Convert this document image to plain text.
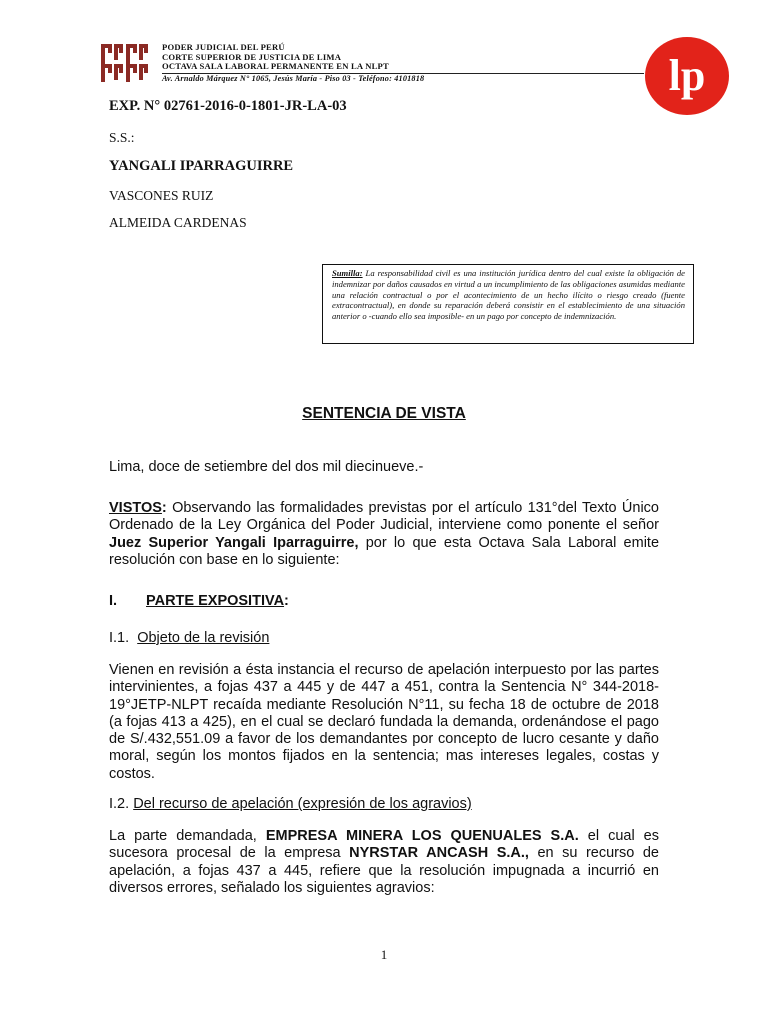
PODER JUDICIAL DEL PERÚ
CORTE SUPERIOR DE JUSTICIA DE LIMA
OCTAVA SALA LABORAL PERMANENTE EN LA NLPT
Av. Arnaldo Márquez N° 1065, Jesús María - Piso 03 - Teléfono: 4101818	lp
EXP. N° 02761-2016-0-1801-JR-LA-03
S.S.:
YANGALI IPARRAGUIRRE
VASCONES RUIZ
ALMEIDA CARDENAS
Sumilla: La responsabilidad civil es una institución jurídica dentro del cual existe la obligación de indemnizar por daños causados en virtud a un incumplimiento de las obligaciones asumidas mediante una relación contractual o por el acontecimiento de un hecho ilícito o riesgo creado (fuente extracontractual), en donde su reparación deberá consistir en el establecimiento de una situación anterior o -cuando ello sea imposible- en un pago por concepto de indemnización.
SENTENCIA DE VISTA
Lima, doce de setiembre del dos mil diecinueve.-
VISTOS: Observando las formalidades previstas por el artículo 131°del Texto Único Ordenado de la Ley Orgánica del Poder Judicial, interviene como ponente el señor Juez Superior Yangali Iparraguirre, por lo que esta Octava Sala Laboral emite resolución con base en lo siguiente:
I. PARTE EXPOSITIVA:
I.1.  Objeto de la revisión
Vienen en revisión a ésta instancia el recurso de apelación interpuesto por las partes intervinientes, a fojas 437 a 445 y de 447 a 451, contra la Sentencia N° 344-2018-19°JETP-NLPT recaída mediante Resolución N°11, su fecha 18 de octubre de 2018 (a fojas 413 a 425), en el cual se declaró fundada la demanda, ordenándose el pago de S/.432,551.09 a favor de los demandantes por concepto de lucro cesante y daño moral, según los montos fijados en la sentencia; mas intereses legales, costas y costos.
I.2. Del recurso de apelación (expresión de los agravios)
La parte demandada, EMPRESA MINERA LOS QUENUALES S.A. el cual es sucesora procesal de la empresa NYRSTAR ANCASH S.A., en su recurso de apelación, a fojas 437 a 445, refiere que la resolución impugnada a incurrió en diversos errores, señalado los siguientes agravios:
1
